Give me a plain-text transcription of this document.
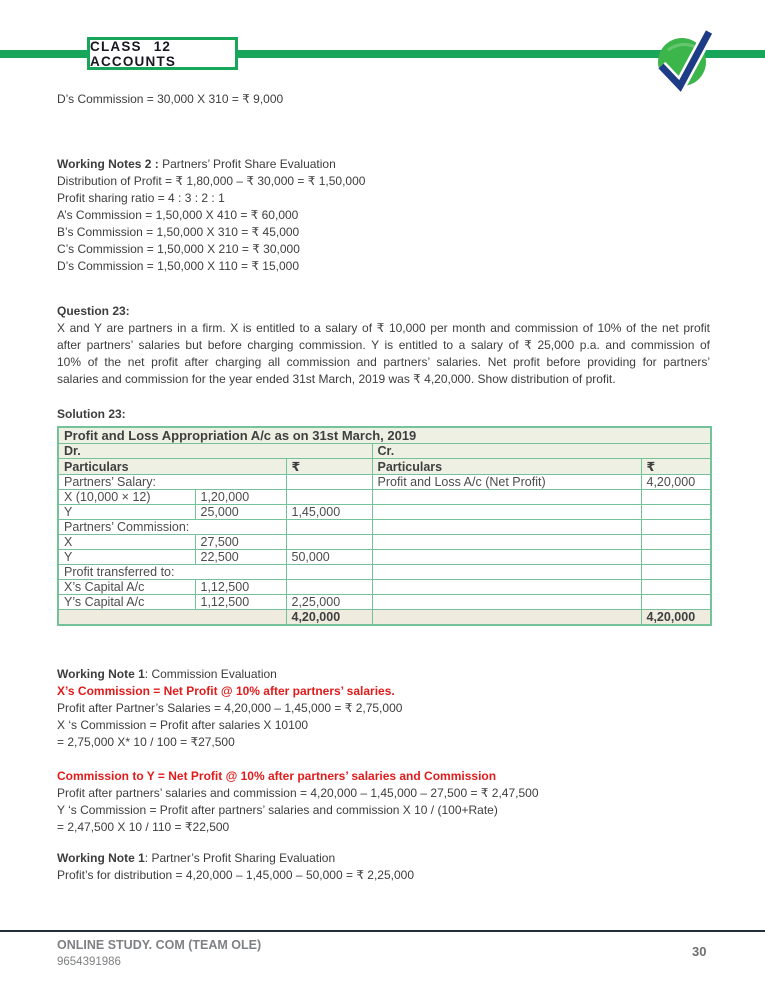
CLASS 12 ACCOUNTS
D’s Commission = 30,000 X 310 = ₹ 9,000
Working Notes 2 : Partners’ Profit Share Evaluation
Distribution of Profit = ₹ 1,80,000 – ₹ 30,000 = ₹ 1,50,000
Profit sharing ratio = 4 : 3 : 2 : 1
A’s Commission = 1,50,000 X 410 = ₹ 60,000
B’s Commission = 1,50,000 X 310 = ₹ 45,000
C’s Commission = 1,50,000 X 210 = ₹ 30,000
D’s Commission = 1,50,000 X 110 = ₹ 15,000
Question 23:
X and Y are partners in a firm. X is entitled to a salary of ₹ 10,000 per month and commission of 10% of the net profit
after partners’ salaries but before charging commission. Y is entitled to a salary of ₹ 25,000 p.a. and commission of
10% of the net profit after charging all commission and partners’ salaries. Net profit before providing for partners’
salaries and commission for the year ended 31st March, 2019 was ₹ 4,20,000. Show distribution of profit.
Solution 23:
Profit and Loss Appropriation A/c as on 31st March, 2019				
Dr.			Cr.	
Particulars		₹	Particulars	₹
Partners’ Salary:			Profit and Loss A/c (Net Profit)	4,20,000
X (10,000 × 12)	1,20,000			
Y	25,000	1,45,000		
Partners’ Commission:				
X	27,500			
Y	22,500	50,000		
Profit transferred to:				
X’s Capital A/c	1,12,500			
Y’s Capital A/c	1,12,500	2,25,000		
		4,20,000		4,20,000
Working Note 1: Commission Evaluation
X’s Commission = Net Profit @ 10% after partners’ salaries.
Profit after Partner’s Salaries = 4,20,000 – 1,45,000 = ₹ 2,75,000
X ‘s Commission = Profit after salaries X 10100
= 2,75,000 X* 10 / 100 = ₹27,500
Commission to Y = Net Profit @ 10% after partners’ salaries and Commission
Profit after partners’ salaries and commission = 4,20,000 – 1,45,000 – 27,500 = ₹ 2,47,500
Y ‘s Commission = Profit after partners’ salaries and commission X 10 / (100+Rate)
= 2,47,500 X 10 / 110 = ₹22,500
Working Note 1: Partner’s Profit Sharing Evaluation
Profit’s for distribution = 4,20,000 – 1,45,000 – 50,000 = ₹ 2,25,000
ONLINE STUDY. COM (TEAM OLE)
9654391986
30
